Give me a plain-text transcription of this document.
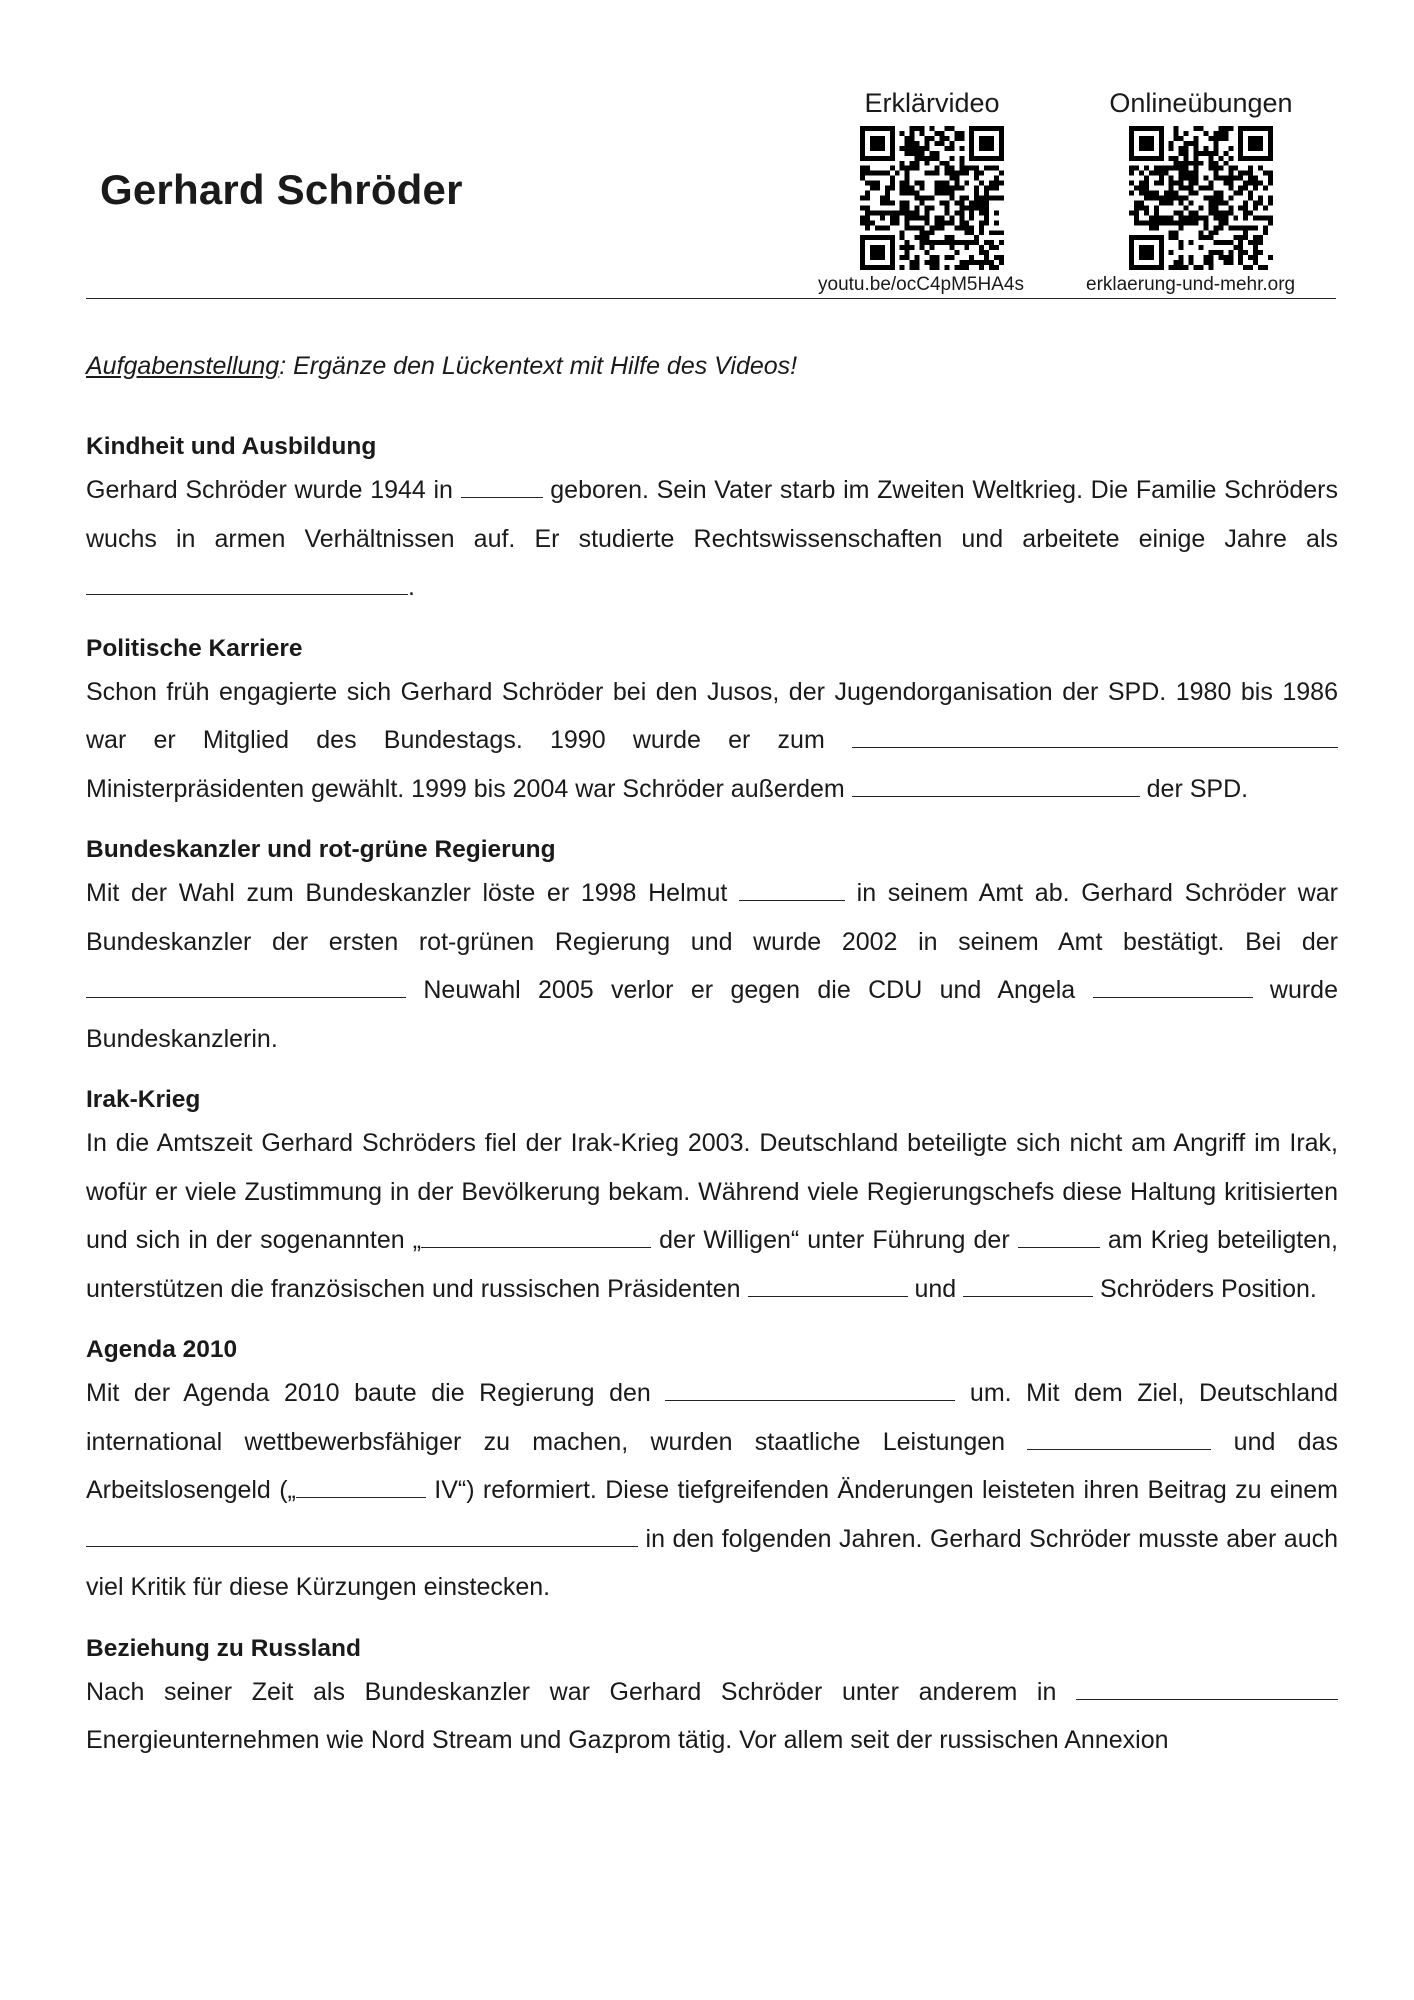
Gerhard Schröder
Erklärvideo	Onlineübungen
youtu.be/ocC4pM5HA4s	erklaerung-und-mehr.org
Aufgabenstellung: Ergänze den Lückentext mit Hilfe des Videos!
Kindheit und Ausbildung

Gerhard Schröder wurde 1944 in	geboren. Sein Vater starb im Zweiten Weltkrieg. Die Familie Schröders wuchs in armen Verhältnissen auf. Er studierte Rechtswissenschaften und arbeitete einige Jahre als .

Politische Karriere

Schon früh engagierte sich Gerhard Schröder bei den Jusos, der Jugendorganisation der SPD. 1980 bis 1986 war er Mitglied des Bundestags. 1990 wurde er zum  Ministerpräsidenten gewählt. 1999 bis 2004 war Schröder außerdem	der SPD.

Bundeskanzler und rot-grüne Regierung

Mit der Wahl zum Bundeskanzler löste er 1998 Helmut	in seinem Amt ab. Gerhard Schröder war Bundeskanzler der ersten rot-grünen Regierung und wurde 2002 in seinem Amt bestätigt. Bei der  Neuwahl 2005 verlor er gegen die CDU und Angela	wurde Bundeskanzlerin.

Irak-Krieg

In die Amtszeit Gerhard Schröders fiel der Irak-Krieg 2003. Deutschland beteiligte sich nicht am Angriff im Irak, wofür er viele Zustimmung in der Bevölkerung bekam. Während viele Regierungschefs diese Haltung kritisierten und sich in der sogenannten „	der Willigen“ unter Führung der	am Krieg beteiligten, unterstützen die französischen und russischen Präsidenten	und	Schröders Position.

Agenda 2010

Mit der Agenda 2010 baute die Regierung den	um. Mit dem Ziel, Deutschland international wettbewerbsfähiger zu machen, wurden staatliche Leistungen	und das Arbeitslosengeld („	IV“) reformiert. Diese tiefgreifenden Änderungen leisteten ihren Beitrag zu einem  in den folgenden Jahren. Gerhard Schröder musste aber auch viel Kritik für diese Kürzungen einstecken.

Beziehung zu Russland

Nach seiner Zeit als Bundeskanzler war Gerhard Schröder unter anderem in  Energieunternehmen wie Nord Stream und Gazprom tätig. Vor allem seit der russischen Annexion
